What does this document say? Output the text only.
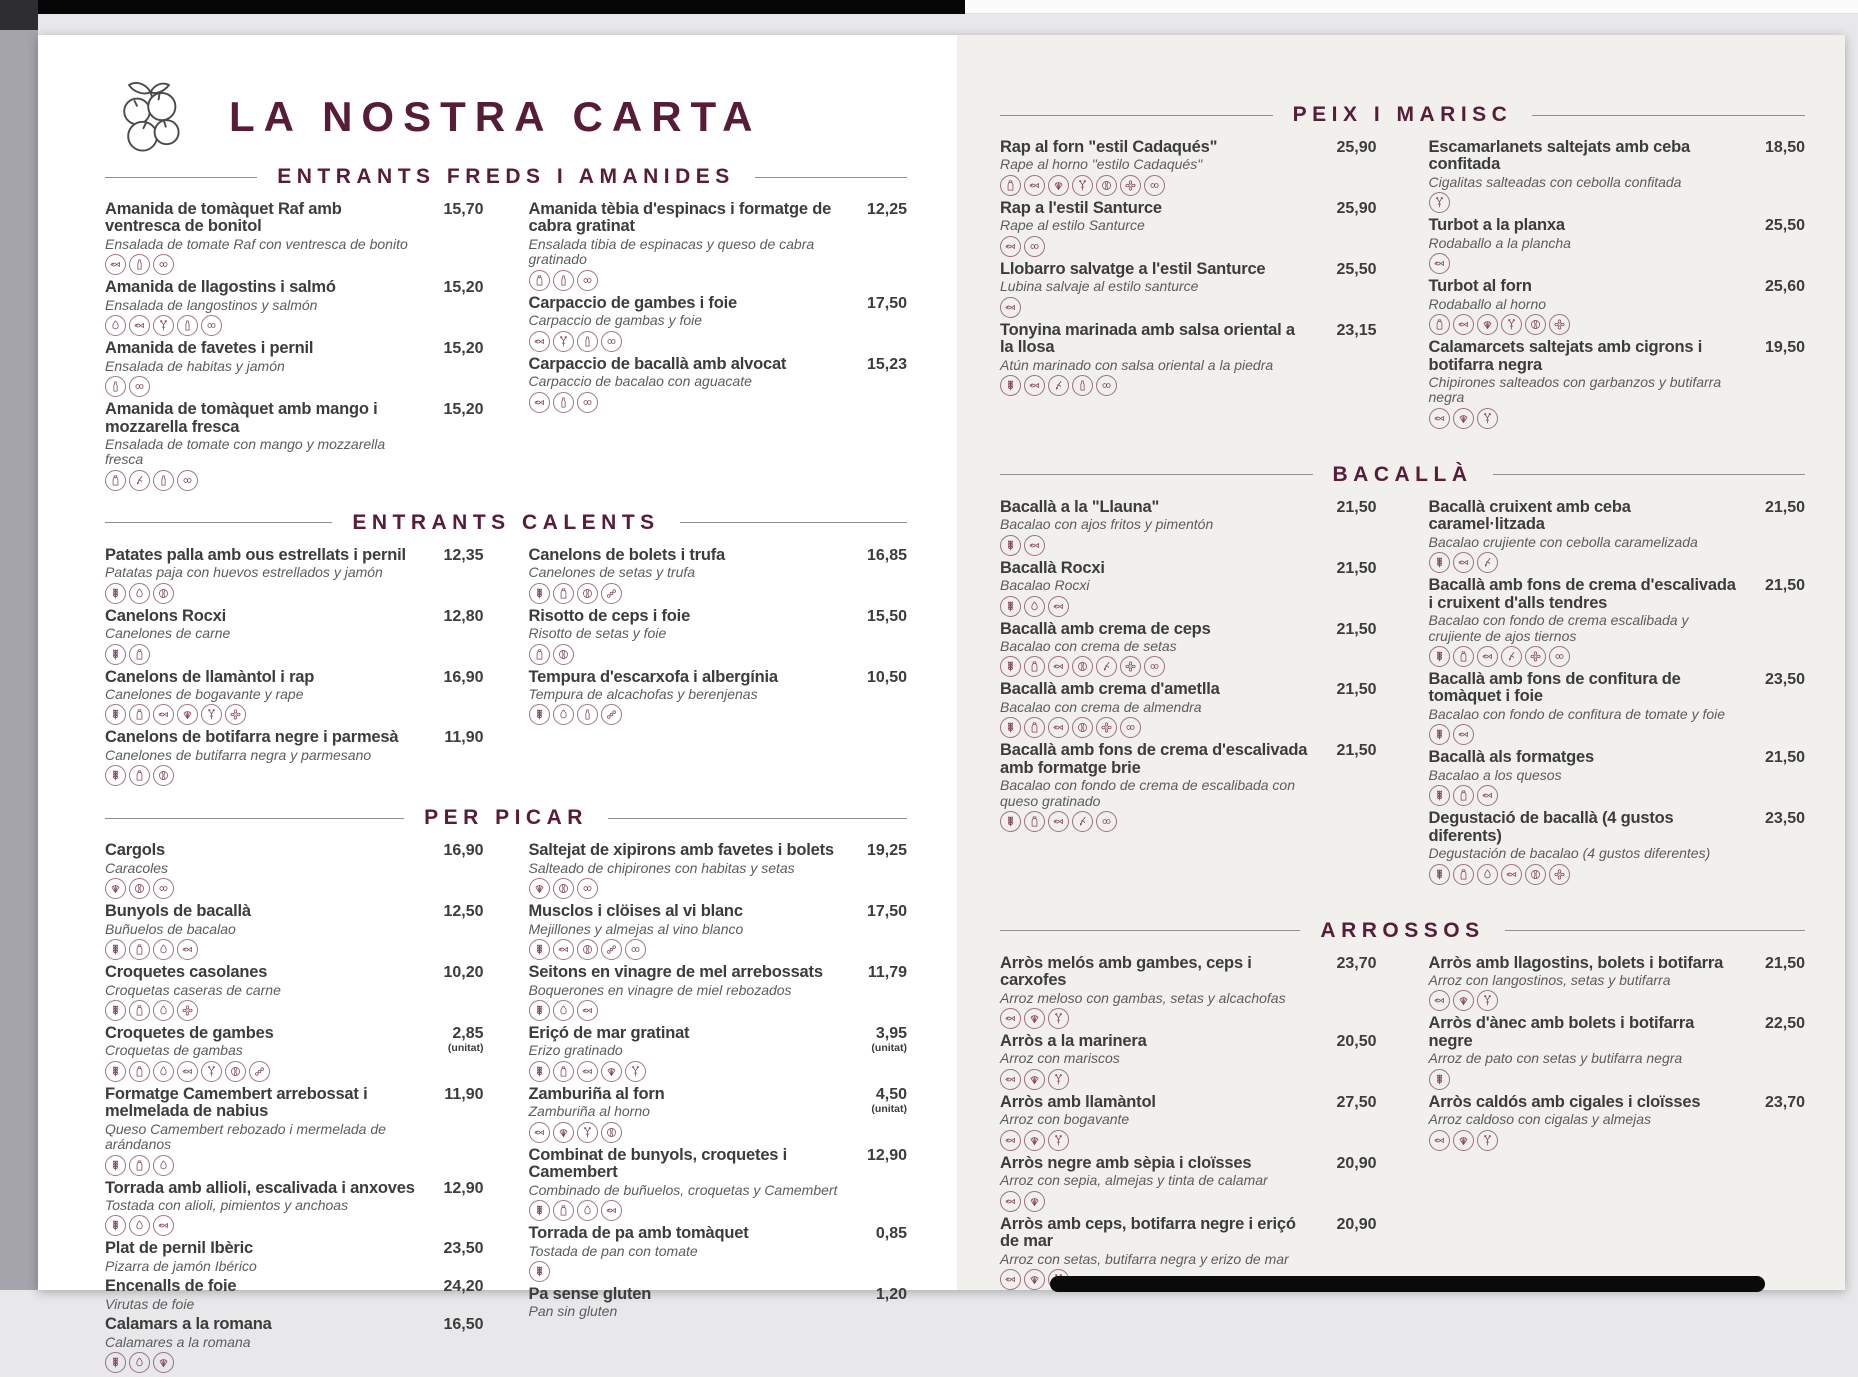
LA NOSTRA CARTA
ENTRANTS FREDS I AMANIDES
Amanida de tomàquet Raf amb ventresca de bonitol
Ensalada de tomate Raf con ventresca de bonito
15,70
Amanida de llagostins i salmó
Ensalada de langostinos y salmón
15,20
Amanida de favetes i pernil
Ensalada de habitas y jamón
15,20
Amanida de tomàquet amb mango i mozzarella fresca
Ensalada de tomate con mango y mozzarella fresca
15,20
Amanida tèbia d'espinacs i formatge de cabra gratinat
Ensalada tibia de espinacas y queso de cabra gratinado
12,25
Carpaccio de gambes i foie
Carpaccio de gambas y foie
17,50
Carpaccio de bacallà amb alvocat
Carpaccio de bacalao con aguacate
15,23
ENTRANTS CALENTS
Patates palla amb ous estrellats i pernil
Patatas paja con huevos estrellados y jamón
12,35
Canelons Rocxi
Canelones de carne
12,80
Canelons de llamàntol i rap
Canelones de bogavante y rape
16,90
Canelons de botifarra negre i parmesà
Canelones de butifarra negra y parmesano
11,90
Canelons de bolets i trufa
Canelones de setas y trufa
16,85
Risotto de ceps i foie
Risotto de setas y foie
15,50
Tempura d'escarxofa i albergínia
Tempura de alcachofas y berenjenas
10,50
PER PICAR
Cargols
Caracoles
16,90
Bunyols de bacallà
Buñuelos de bacalao
12,50
Croquetes casolanes
Croquetas caseras de carne
10,20
Croquetes de gambes
Croquetas de gambas
2,85
(unitat)
Formatge Camembert arrebossat i melmelada de nabius
Queso Camembert rebozado i mermelada de arándanos
11,90
Torrada amb allioli, escalivada i anxoves
Tostada con alioli, pimientos y anchoas
12,90
Plat de pernil Ibèric
Pizarra de jamón Ibérico
23,50
Encenalls de foie
Virutas de foie
24,20
Calamars a la romana
Calamares a la romana
16,50
Saltejat de xipirons amb favetes i bolets
Salteado de chipirones con habitas y setas
19,25
Musclos i clöises al vi blanc
Mejillones y almejas al vino blanco
17,50
Seitons en vinagre de mel arrebossats
Boquerones en vinagre de miel rebozados
11,79
Eriçó de mar gratinat
Erizo gratinado
3,95
(unitat)
Zamburiña al forn
Zamburiña al horno
4,50
(unitat)
Combinat de bunyols, croquetes i Camembert
Combinado de buñuelos, croquetas y Camembert
12,90
Torrada de pa amb tomàquet
Tostada de pan con tomate
0,85
Pa sense gluten
Pan sin gluten
1,20
PEIX I MARISC
Rap al forn "estil Cadaqués"
Rape al horno "estilo Cadaqués"
25,90
Rap a l'estil Santurce
Rape al estilo Santurce
25,90
Llobarro salvatge a l'estil Santurce
Lubina salvaje al estilo santurce
25,50
Tonyina marinada amb salsa oriental a la llosa
Atún marinado con salsa oriental a la piedra
23,15
Escamarlanets saltejats amb ceba confitada
Cigalitas salteadas con cebolla confitada
18,50
Turbot a la planxa
Rodaballo a la plancha
25,50
Turbot al forn
Rodaballo al horno
25,60
Calamarcets saltejats amb cigrons i botifarra negra
Chipirones salteados con garbanzos y butifarra negra
19,50
BACALLÀ
Bacallà a la "Llauna"
Bacalao con ajos fritos y pimentón
21,50
Bacallà Rocxi
Bacalao Rocxi
21,50
Bacallà amb crema de ceps
Bacalao con crema de setas
21,50
Bacallà amb crema d'ametlla
Bacalao con crema de almendra
21,50
Bacallà amb fons de crema d'escalivada amb formatge brie
Bacalao con fondo de crema de escalibada con queso gratinado
21,50
Bacallà cruixent amb ceba caramel·litzada
Bacalao crujiente con cebolla caramelizada
21,50
Bacallà amb fons de crema d'escalivada i cruixent d'alls tendres
Bacalao con fondo de crema escalibada y crujiente de ajos tiernos
21,50
Bacallà amb fons de confitura de tomàquet i foie
Bacalao con fondo de confitura de tomate y foie
23,50
Bacallà als formatges
Bacalao a los quesos
21,50
Degustació de bacallà (4 gustos diferents)
Degustación de bacalao (4 gustos diferentes)
23,50
ARROSSOS
Arròs melós amb gambes, ceps i carxofes
Arroz meloso con gambas, setas y alcachofas
23,70
Arròs a la marinera
Arroz con mariscos
20,50
Arròs amb llamàntol
Arroz con bogavante
27,50
Arròs negre amb sèpia i cloïsses
Arroz con sepia, almejas y tinta de calamar
20,90
Arròs amb ceps, botifarra negre i eriçó de mar
Arroz con setas, butifarra negra y erizo de mar
20,90
Arròs amb llagostins, bolets i botifarra
Arroz con langostinos, setas y butifarra
21,50
Arròs d'ànec amb bolets i botifarra negre
Arroz de pato con setas y butifarra negra
22,50
Arròs caldós amb cigales i cloïsses
Arroz caldoso con cigalas y almejas
23,70
